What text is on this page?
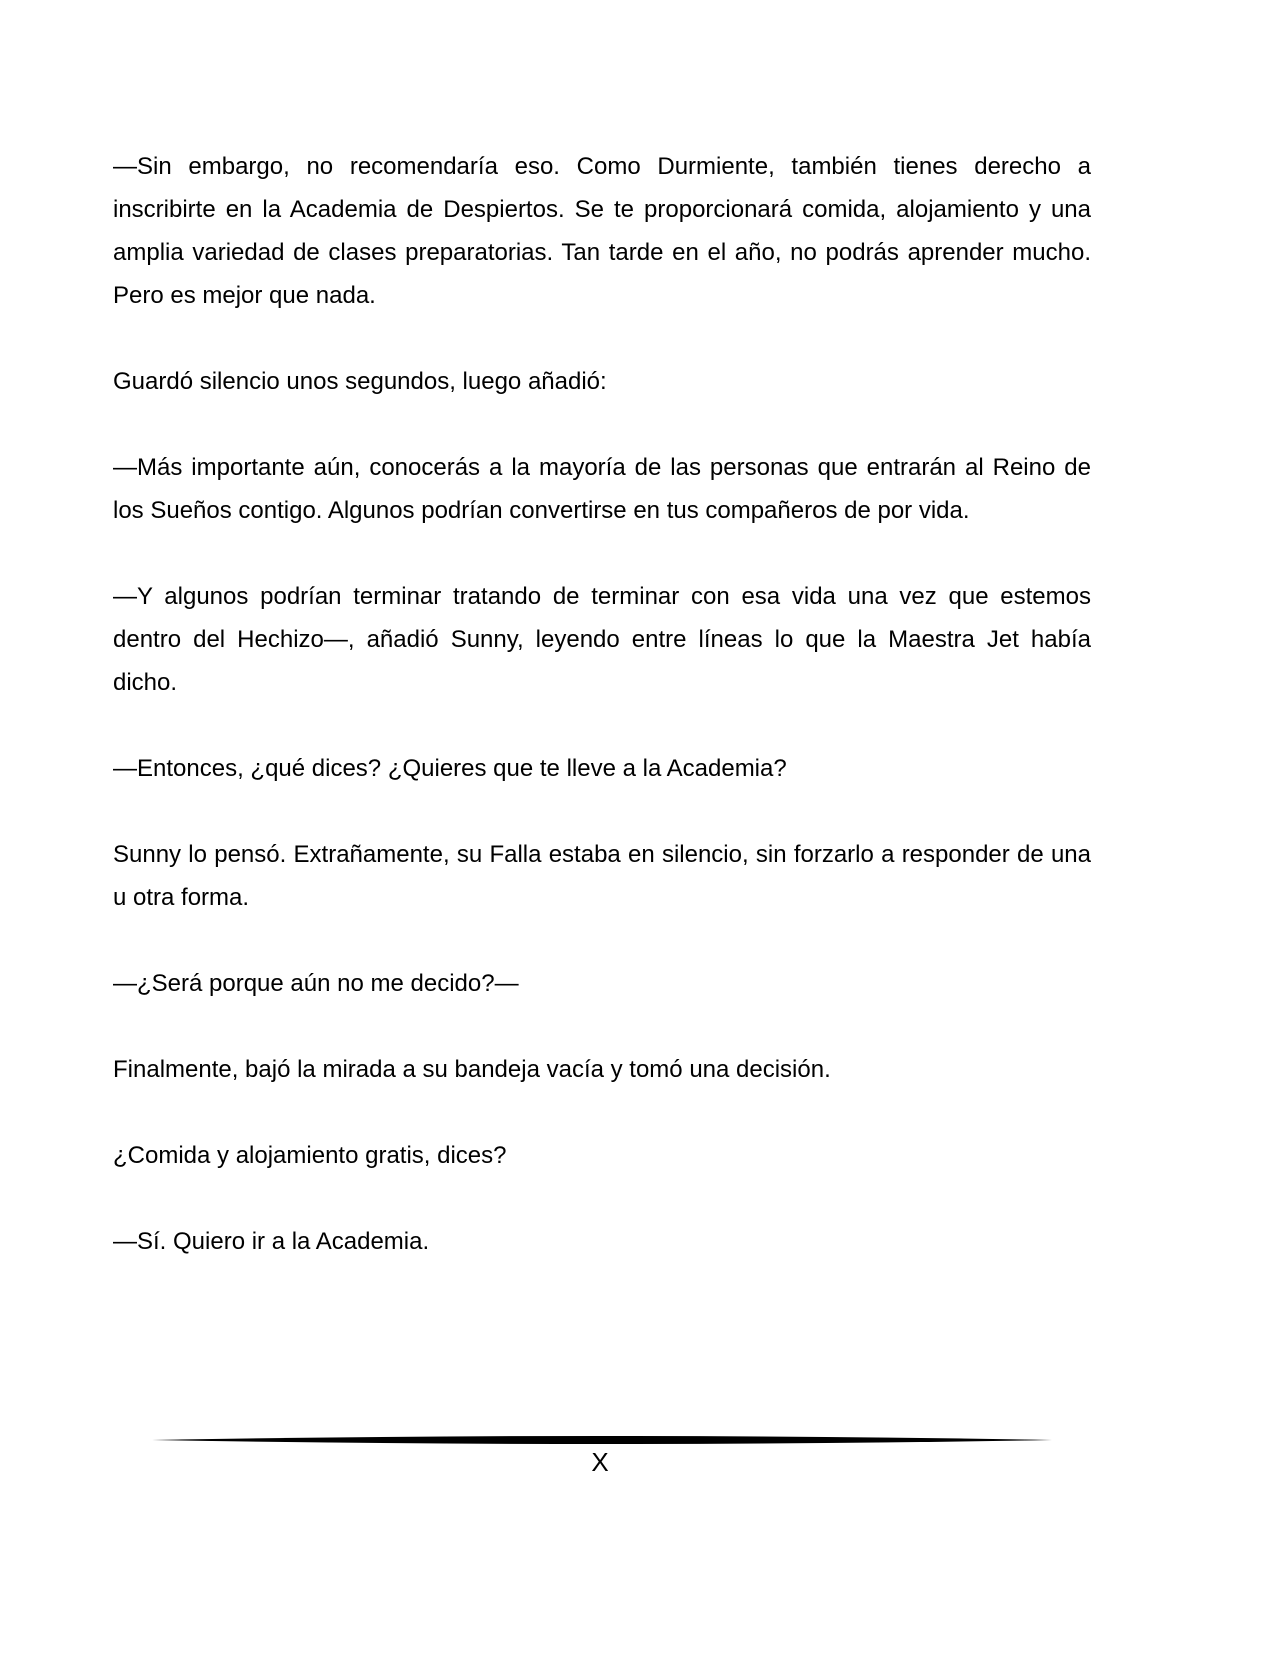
—Sin embargo, no recomendaría eso. Como Durmiente, también tienes derecho a inscribirte en la Academia de Despiertos. Se te proporcionará comida, alojamiento y una amplia variedad de clases preparatorias. Tan tarde en el año, no podrás aprender mucho. Pero es mejor que nada.

Guardó silencio unos segundos, luego añadió:

—Más importante aún, conocerás a la mayoría de las personas que entrarán al Reino de los Sueños contigo. Algunos podrían convertirse en tus compañeros de por vida.

—Y algunos podrían terminar tratando de terminar con esa vida una vez que estemos dentro del Hechizo—, añadió Sunny, leyendo entre líneas lo que la Maestra Jet había dicho.

—Entonces, ¿qué dices? ¿Quieres que te lleve a la Academia?

Sunny lo pensó. Extrañamente, su Falla estaba en silencio, sin forzarlo a responder de una u otra forma.

—¿Será porque aún no me decido?—

Finalmente, bajó la mirada a su bandeja vacía y tomó una decisión.

¿Comida y alojamiento gratis, dices?

—Sí. Quiero ir a la Academia.

X
